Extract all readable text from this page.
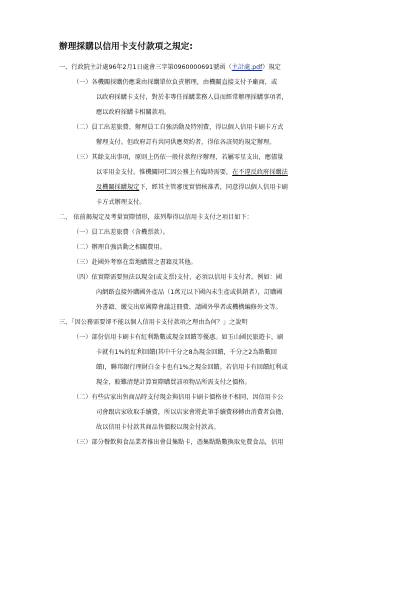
辦理採購以信用卡支付款項之規定:
一、行政院主計處96年2月1日處會三字第0960000691號函（主計處.pdf）規定
（一）各機關採購仍應秉由採購單位負責辦理，由機關直接支付予廠商，或
以政府採購卡支付，對於非專任採購業務人員而經常辦理採購事項者，
應以政府採購卡相關款項。
（二）員工出差旅費、辦理員工自強活動及特別費，得以個人信用卡刷卡方式
辦理支付。但政府訂有共同供應契約者，得依各該契約規定辦理。
（三）其餘支出事項，原則上仍依一般付款程序辦理，若屬零星支出，應儘量
以零用金支付。惟機關同仁因公務上有臨時需要，在不違反政府採購法
及機關採購規定下，經其主管審度實情核准者，同意得以個人信用卡刷
卡方式辦理支付。
二、 依前揭規定及考量實際情形，茲列舉得以信用卡支付之項目如下：
（一）員工出差旅費（含機票款）。
（二）辦理自強活動之相關費用。
（三）赴國外考察在當地購置之書籍及其他。
（四）依實際需要無法以現金(或支票)支付，必須以信用卡支付者。例如：國
內網路直接外購國外產品（1萬元以下國內未生產或供銷者），訂購國
外書籍、繳交出席國際會議註冊費、請國外學者或機構編修外文等。
三、「因公務需要卻不能以個人信用卡支付款項之理由為何？」之說明
（一）部份信用卡刷卡有紅利點數或現金回饋等優惠。如玉山國民旅遊卡，刷
卡就有1%的紅利回饋(其中千分之8為現金回饋，千分之2為點數回
饋)，聯邦銀行理財白金卡也有1%之現金回饋。若信用卡有回饋紅利或
現金，較難清楚計算實際購買該項物品所需支付之價格。
（二）有些店家出售商品時支付現金與信用卡刷卡價格並不相同，因信用卡公
司會跟店家收取手續費，所以店家會將此筆手續費移轉由消費者負擔，
故以信用卡付款其商品售價較以現金付款高。
（三）部分餐飲與食品業者推出會員集點卡，憑集點點數換取免費食品，信用
